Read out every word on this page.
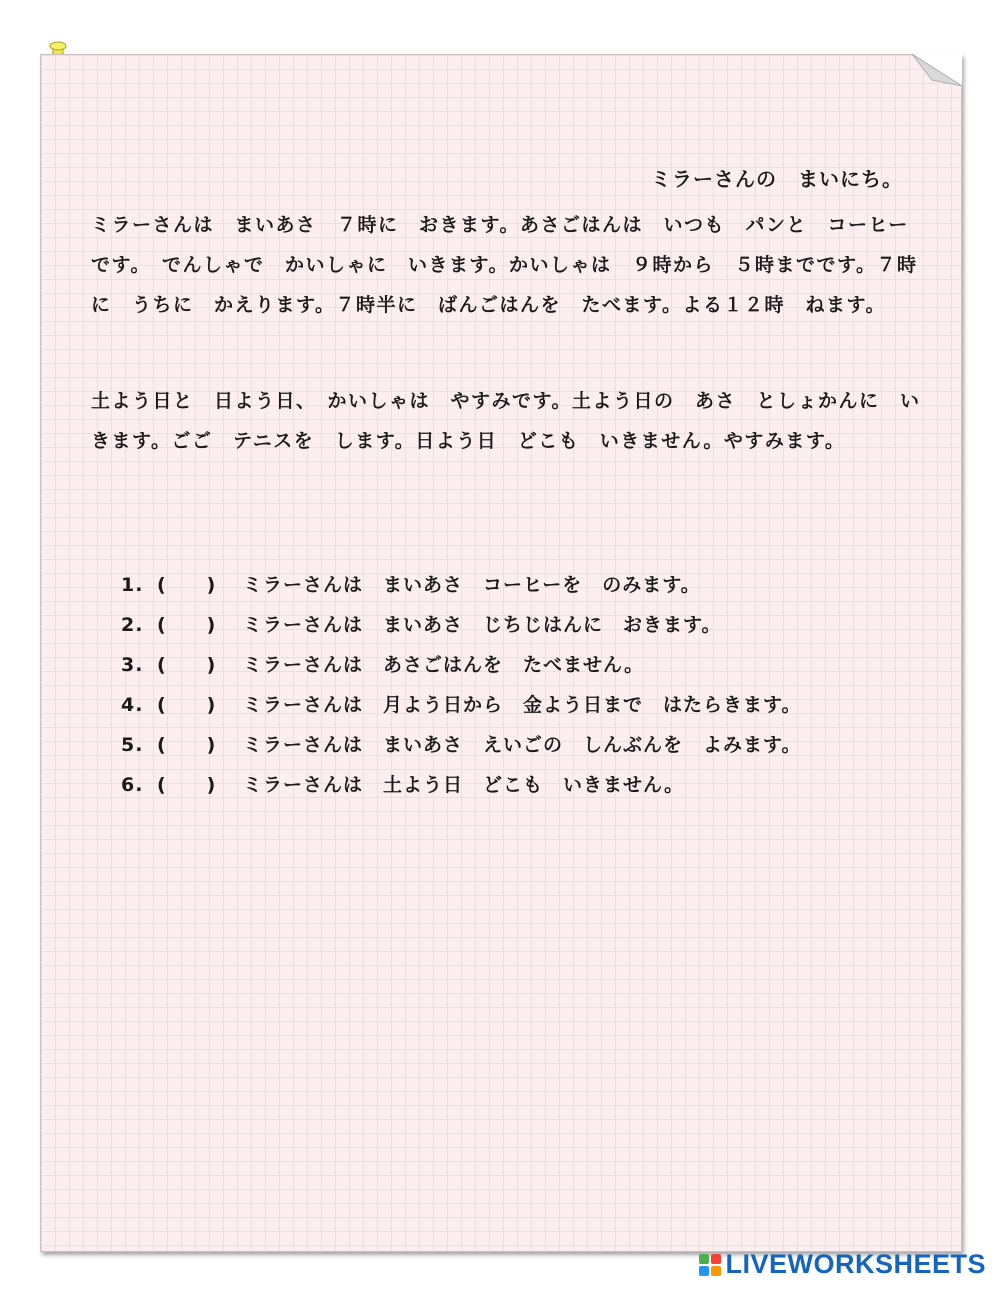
ミラーさんの　まいにち。

ミラーさんは　まいあさ　７時に　おきます。あさごはんは　いつも　パンと　コーヒーです。　でんしゃで　かいしゃに　いきます。かいしゃは　９時から　５時までです。７時に　うちに　かえります。７時半に　ばんごはんを　たべます。よる１２時　ねます。

土よう日と　日よう日、　かいしゃは　やすみです。土よう日の　あさ　としょかんに　いきます。ごご　テニスを　します。日よう日　どこも　いきません。やすみます。

1. (　　) ミラーさんは　まいあさ　コーヒーを　のみます。
2. (　　) ミラーさんは　まいあさ　じちじはんに　おきます。
3. (　　) ミラーさんは　あさごはんを　たべません。
4. (　　) ミラーさんは　月よう日から　金よう日まで　はたらきます。
5. (　　) ミラーさんは　まいあさ　えいごの　しんぶんを　よみます。
6. (　　) ミラーさんは　土よう日　どこも　いきません。
LIVEWORKSHEETS
